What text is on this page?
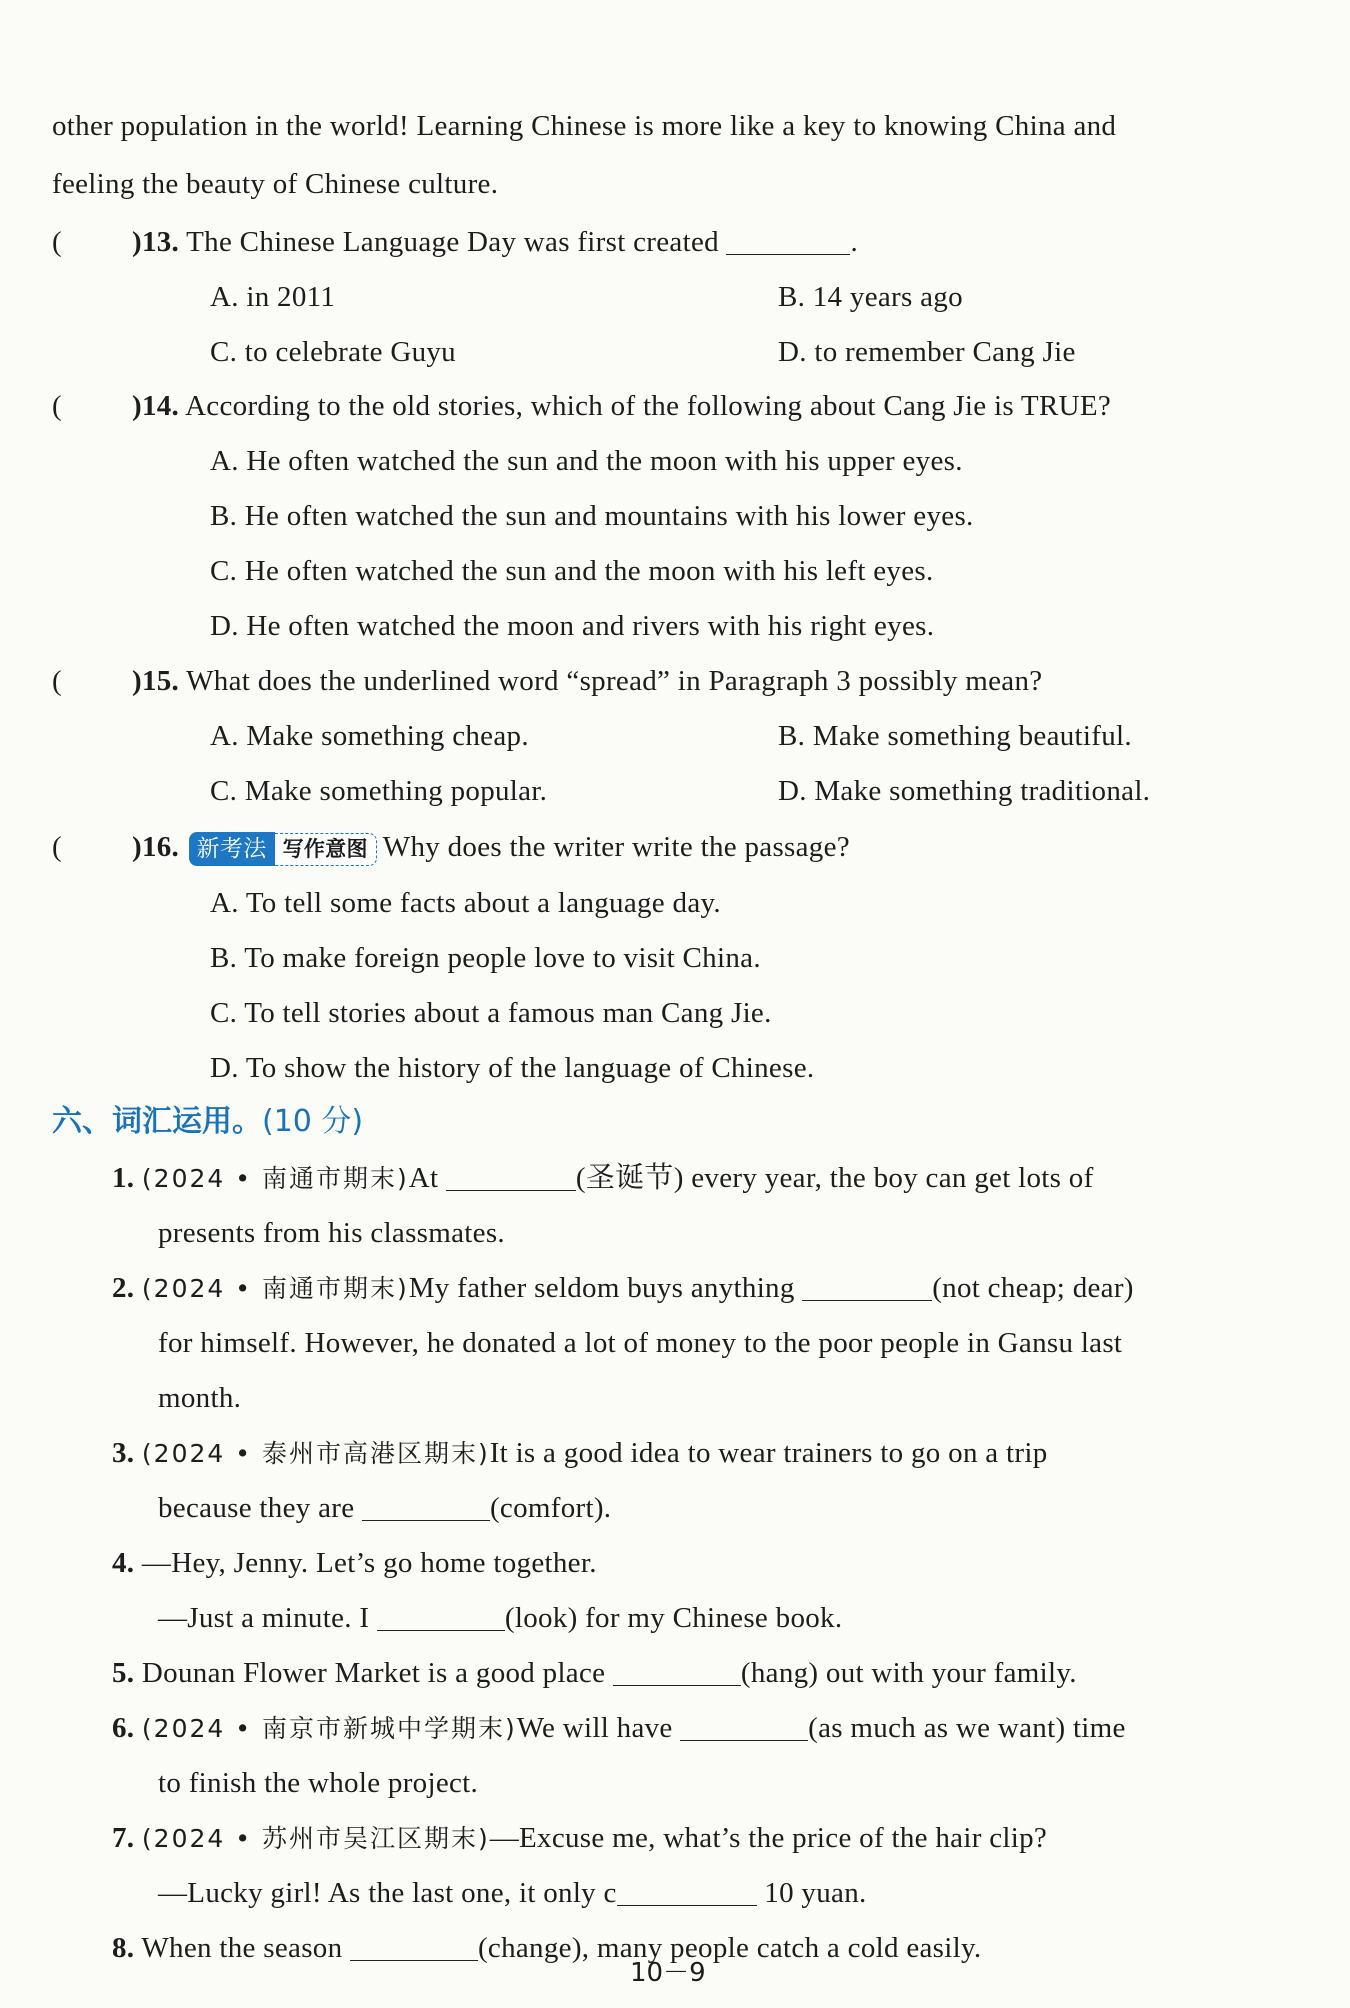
other population in the world! Learning Chinese is more like a key to knowing China and
feeling the beauty of Chinese culture.
( )13. The Chinese Language Day was first created	.
A. in 2011	B. 14 years ago
C. to celebrate Guyu	D. to remember Cang Jie
( )14. According to the old stories, which of the following about Cang Jie is TRUE?
A. He often watched the sun and the moon with his upper eyes.
B. He often watched the sun and mountains with his lower eyes.
C. He often watched the sun and the moon with his left eyes.
D. He often watched the moon and rivers with his right eyes.
( )15. What does the underlined word “spread” in Paragraph 3 possibly mean?
A. Make something cheap.	B. Make something beautiful.
C. Make something popular.	D. Make something traditional.
( )16. 新考法 写作意图 Why does the writer write the passage?
A. To tell some facts about a language day.
B. To make foreign people love to visit China.
C. To tell stories about a famous man Cang Jie.
D. To show the history of the language of Chinese.
六、词汇运用。(10 分)
1. (2024 • 南通市期末)At	(圣诞节) every year, the boy can get lots of
presents from his classmates.
2. (2024 • 南通市期末)My father seldom buys anything	(not cheap; dear)
for himself. However, he donated a lot of money to the poor people in Gansu last
month.
3. (2024 • 泰州市高港区期末)It is a good idea to wear trainers to go on a trip
because they are	(comfort).
4. —Hey, Jenny. Let’s go home together.
—Just a minute. I	(look) for my Chinese book.
5. Dounan Flower Market is a good place	(hang) out with your family.
6. (2024 • 南京市新城中学期末)We will have	(as much as we want) time
to finish the whole project.
7. (2024 • 苏州市吴江区期末)—Excuse me, what’s the price of the hair clip?
—Lucky girl! As the last one, it only c	10 yuan.
8. When the season	(change), many people catch a cold easily.
10－9
